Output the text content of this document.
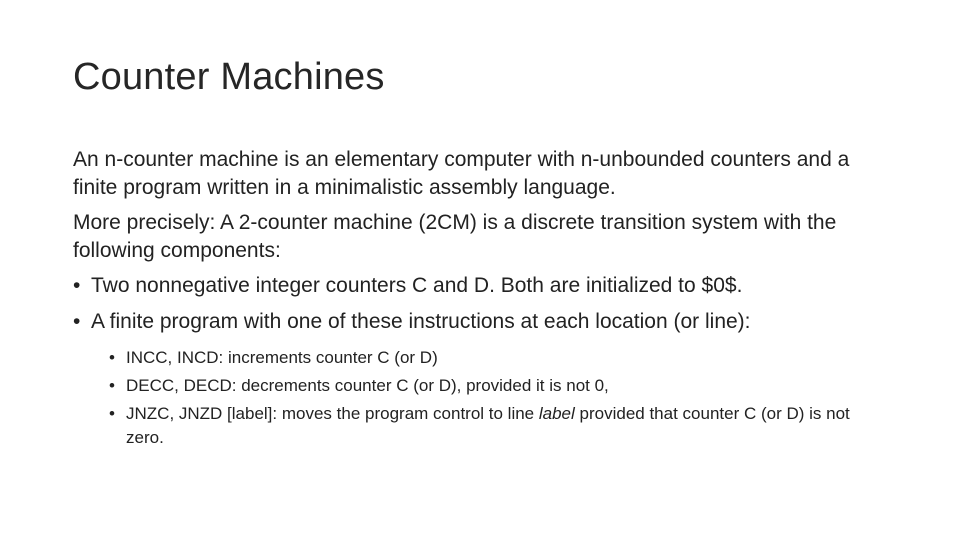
Counter Machines

An n-counter machine is an elementary computer with n-unbounded counters and a finite program written in a minimalistic assembly language.

More precisely: A 2-counter machine (2CM) is a discrete transition system with the following components:

• Two nonnegative integer counters C and D. Both are initialized to $0$.
• A finite program with one of these instructions at each location (or line):
• INCC, INCD: increments counter C (or D)
• DECC, DECD: decrements counter C (or D), provided it is not 0,
• JNZC, JNZD [label]: moves the program control to line label provided that counter C (or D) is not zero.
